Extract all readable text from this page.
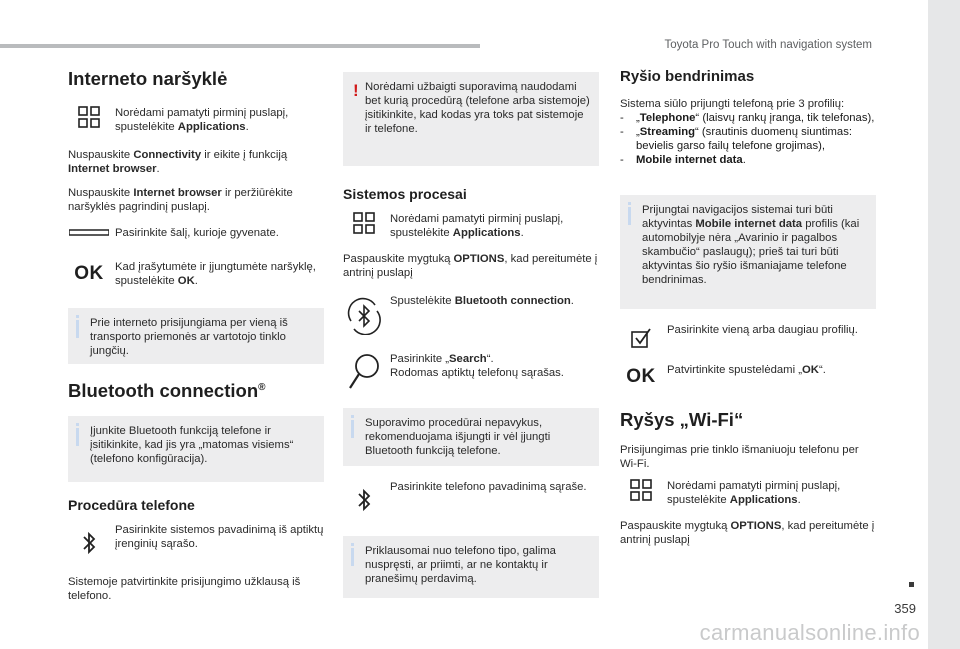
Toyota Pro Touch with navigation system
Interneto naršyklė

Norėdami pamatyti pirminį puslapį, spustelėkite Applications.

Nuspauskite Connectivity ir eikite į funkciją Internet browser.

Nuspauskite Internet browser ir peržiūrėkite naršyklės pagrindinį puslapį.

Pasirinkite šalį, kurioje gyvenate.

OK Kad įrašytumėte ir įjungtumėte naršyklę, spustelėkite OK.

Prie interneto prisijungiama per vieną iš transporto priemonės ar vartotojo tinklo jungčių.

Bluetooth connection®

Įjunkite Bluetooth funkciją telefone ir įsitikinkite, kad jis yra „matomas visiems“ (telefono konfigūracija).

Procedūra telefone

Pasirinkite sistemos pavadinimą iš aptiktų įrenginių sąrašo.

Sistemoje patvirtinkite prisijungimo užklausą iš telefono.

! Norėdami užbaigti suporavimą naudodami bet kurią procedūrą (telefone arba sistemoje) įsitikinkite, kad kodas yra toks pat sistemoje ir telefone.

Sistemos procesai

Norėdami pamatyti pirminį puslapį, spustelėkite Applications.

Paspauskite mygtuką OPTIONS, kad pereitumėte į antrinį puslapį

Spustelėkite Bluetooth connection.

Pasirinkite „Search“.
Rodomas aptiktų telefonų sąrašas.

Suporavimo procedūrai nepavykus, rekomenduojama išjungti ir vėl įjungti Bluetooth funkciją telefone.

Pasirinkite telefono pavadinimą sąraše.

Priklausomai nuo telefono tipo, galima nuspręsti, ar priimti, ar ne kontaktų ir pranešimų perdavimą.

Ryšio bendrinimas

Sistema siūlo prijungti telefoną prie 3 profilių:

-	„Telephone“ (laisvų rankų įranga, tik telefonas),
-	„Streaming“ (srautinis duomenų siuntimas: bevielis garso failų telefone grojimas),
-	Mobile internet data.

Prijungtai navigacijos sistemai turi būti aktyvintas Mobile internet data profilis (kai automobilyje nėra „Avarinio ir pagalbos skambučio“ paslaugų); prieš tai turi būti aktyvintas šio ryšio išmaniajame telefone bendrinimas.

Pasirinkite vieną arba daugiau profilių.

OK Patvirtinkite spustelėdami „OK“.

Ryšys „Wi-Fi“

Prisijungimas prie tinklo išmaniuoju telefonu per Wi-Fi.

Norėdami pamatyti pirminį puslapį, spustelėkite Applications.

Paspauskite mygtuką OPTIONS, kad pereitumėte į antrinį puslapį

359
carmanualsonline.info
